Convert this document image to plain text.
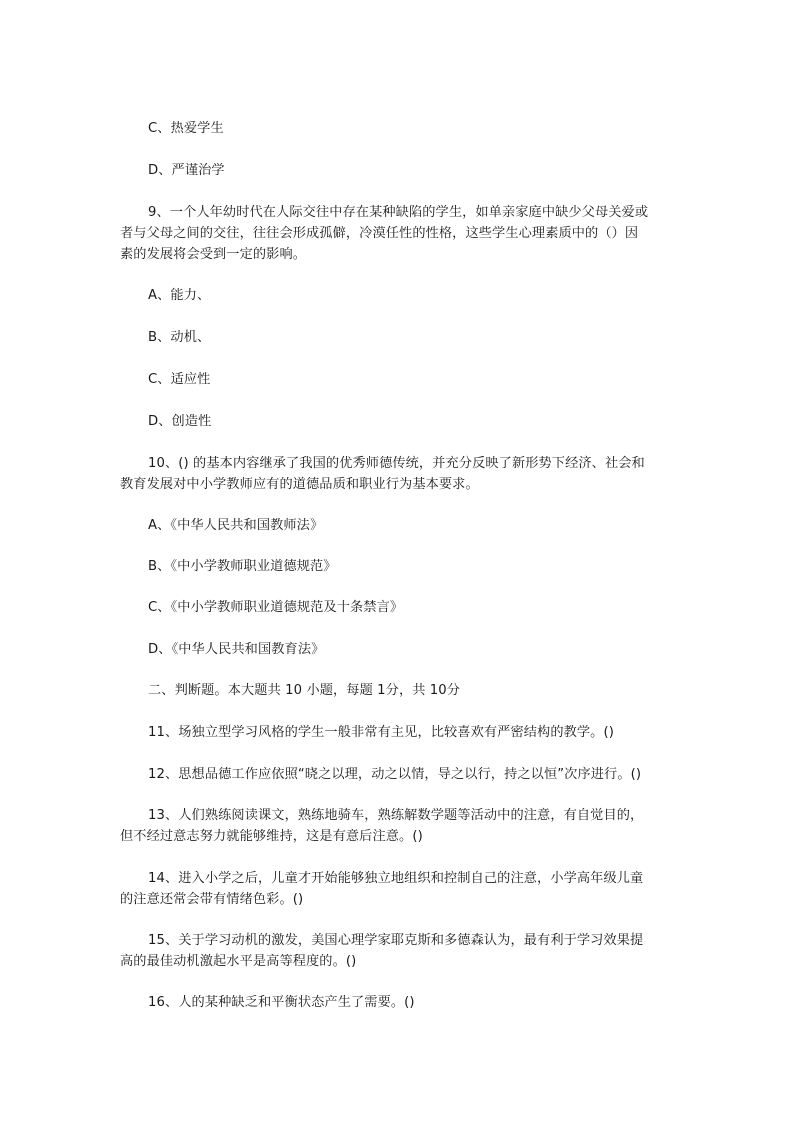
C、热爱学生

D、严谨治学

9、一个人年幼时代在人际交往中存在某种缺陷的学生，如单亲家庭中缺少父母关爱或
者与父母之间的交往，往往会形成孤僻，冷漠任性的性格，这些学生心理素质中的（）因
素的发展将会受到一定的影响。

A、能力、

B、动机、

C、适应性

D、创造性

10、() 的基本内容继承了我国的优秀师德传统，并充分反映了新形势下经济、社会和
教育发展对中小学教师应有的道德品质和职业行为基本要求。

A、《中华人民共和国教师法》

B、《中小学教师职业道德规范》

C、《中小学教师职业道德规范及十条禁言》

D、《中华人民共和国教育法》

二、判断题。本大题共 10 小题，每题 1分，共 10分

11、场独立型学习风格的学生一般非常有主见，比较喜欢有严密结构的教学。()

12、思想品德工作应依照“晓之以理，动之以情，导之以行，持之以恒”次序进行。()

13、人们熟练阅读课文，熟练地骑车，熟练解数学题等活动中的注意，有自觉目的，
但不经过意志努力就能够维持，这是有意后注意。()

14、进入小学之后，儿童才开始能够独立地组织和控制自己的注意，小学高年级儿童
的注意还常会带有情绪色彩。()

15、关于学习动机的激发，美国心理学家耶克斯和多德森认为，最有利于学习效果提
高的最佳动机激起水平是高等程度的。()

16、人的某种缺乏和平衡状态产生了需要。()
